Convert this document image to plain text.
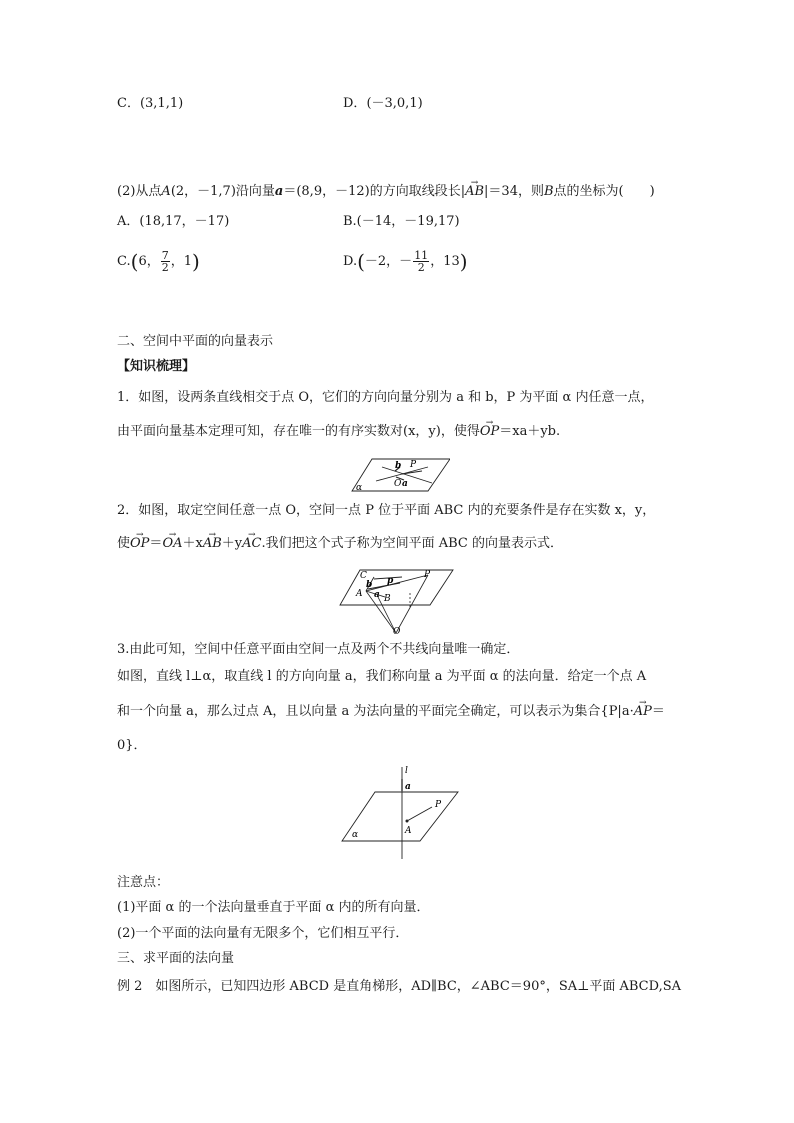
C．(3,1,1)	D．(－3,0,1)
(2)从点A(2，－1,7)沿向量a＝(8,9，－12)的方向取线段长|→ AB|＝34，则B点的坐标为(　　)
A．(18,17，－17)	B.(－14，－19,17)
C.(6， $\frac{7}{2}$ ，1)	D.(－2，－ $\frac{11}{2}$ ，13)
二、空间中平面的向量表示
【知识梳理】
1．如图，设两条直线相交于点 O，它们的方向向量分别为 a 和 b，P 为平面 α 内任意一点，
由平面向量基本定理可知，存在唯一的有序实数对(x，y)，使得→ OP＝xa＋yb.
b P
O a
α
2．如图，取定空间任意一点 O，空间一点 P 位于平面 ABC 内的充要条件是存在实数 x，y，
使→ OP＝→ OA＋x→ AB＋y→ AC.我们把这个式子称为空间平面 ABC 的向量表示式．
C
b p
P
A a B
O
3.由此可知，空间中任意平面由空间一点及两个不共线向量唯一确定．
如图，直线 l⊥α，取直线 l 的方向向量 a，我们称向量 a 为平面 α 的法向量．给定一个点 A
和一个向量 a，那么过点 A，且以向量 a 为法向量的平面完全确定，可以表示为集合{P|a·→ AP＝
0}．
l
a
P
A
α
注意点：
(1)平面 α 的一个法向量垂直于平面 α 内的所有向量．
(2)一个平面的法向量有无限多个，它们相互平行．
三、求平面的法向量
例 2　如图所示，已知四边形 ABCD 是直角梯形，AD∥BC，∠ABC＝90°，SA⊥平面 ABCD,SA
